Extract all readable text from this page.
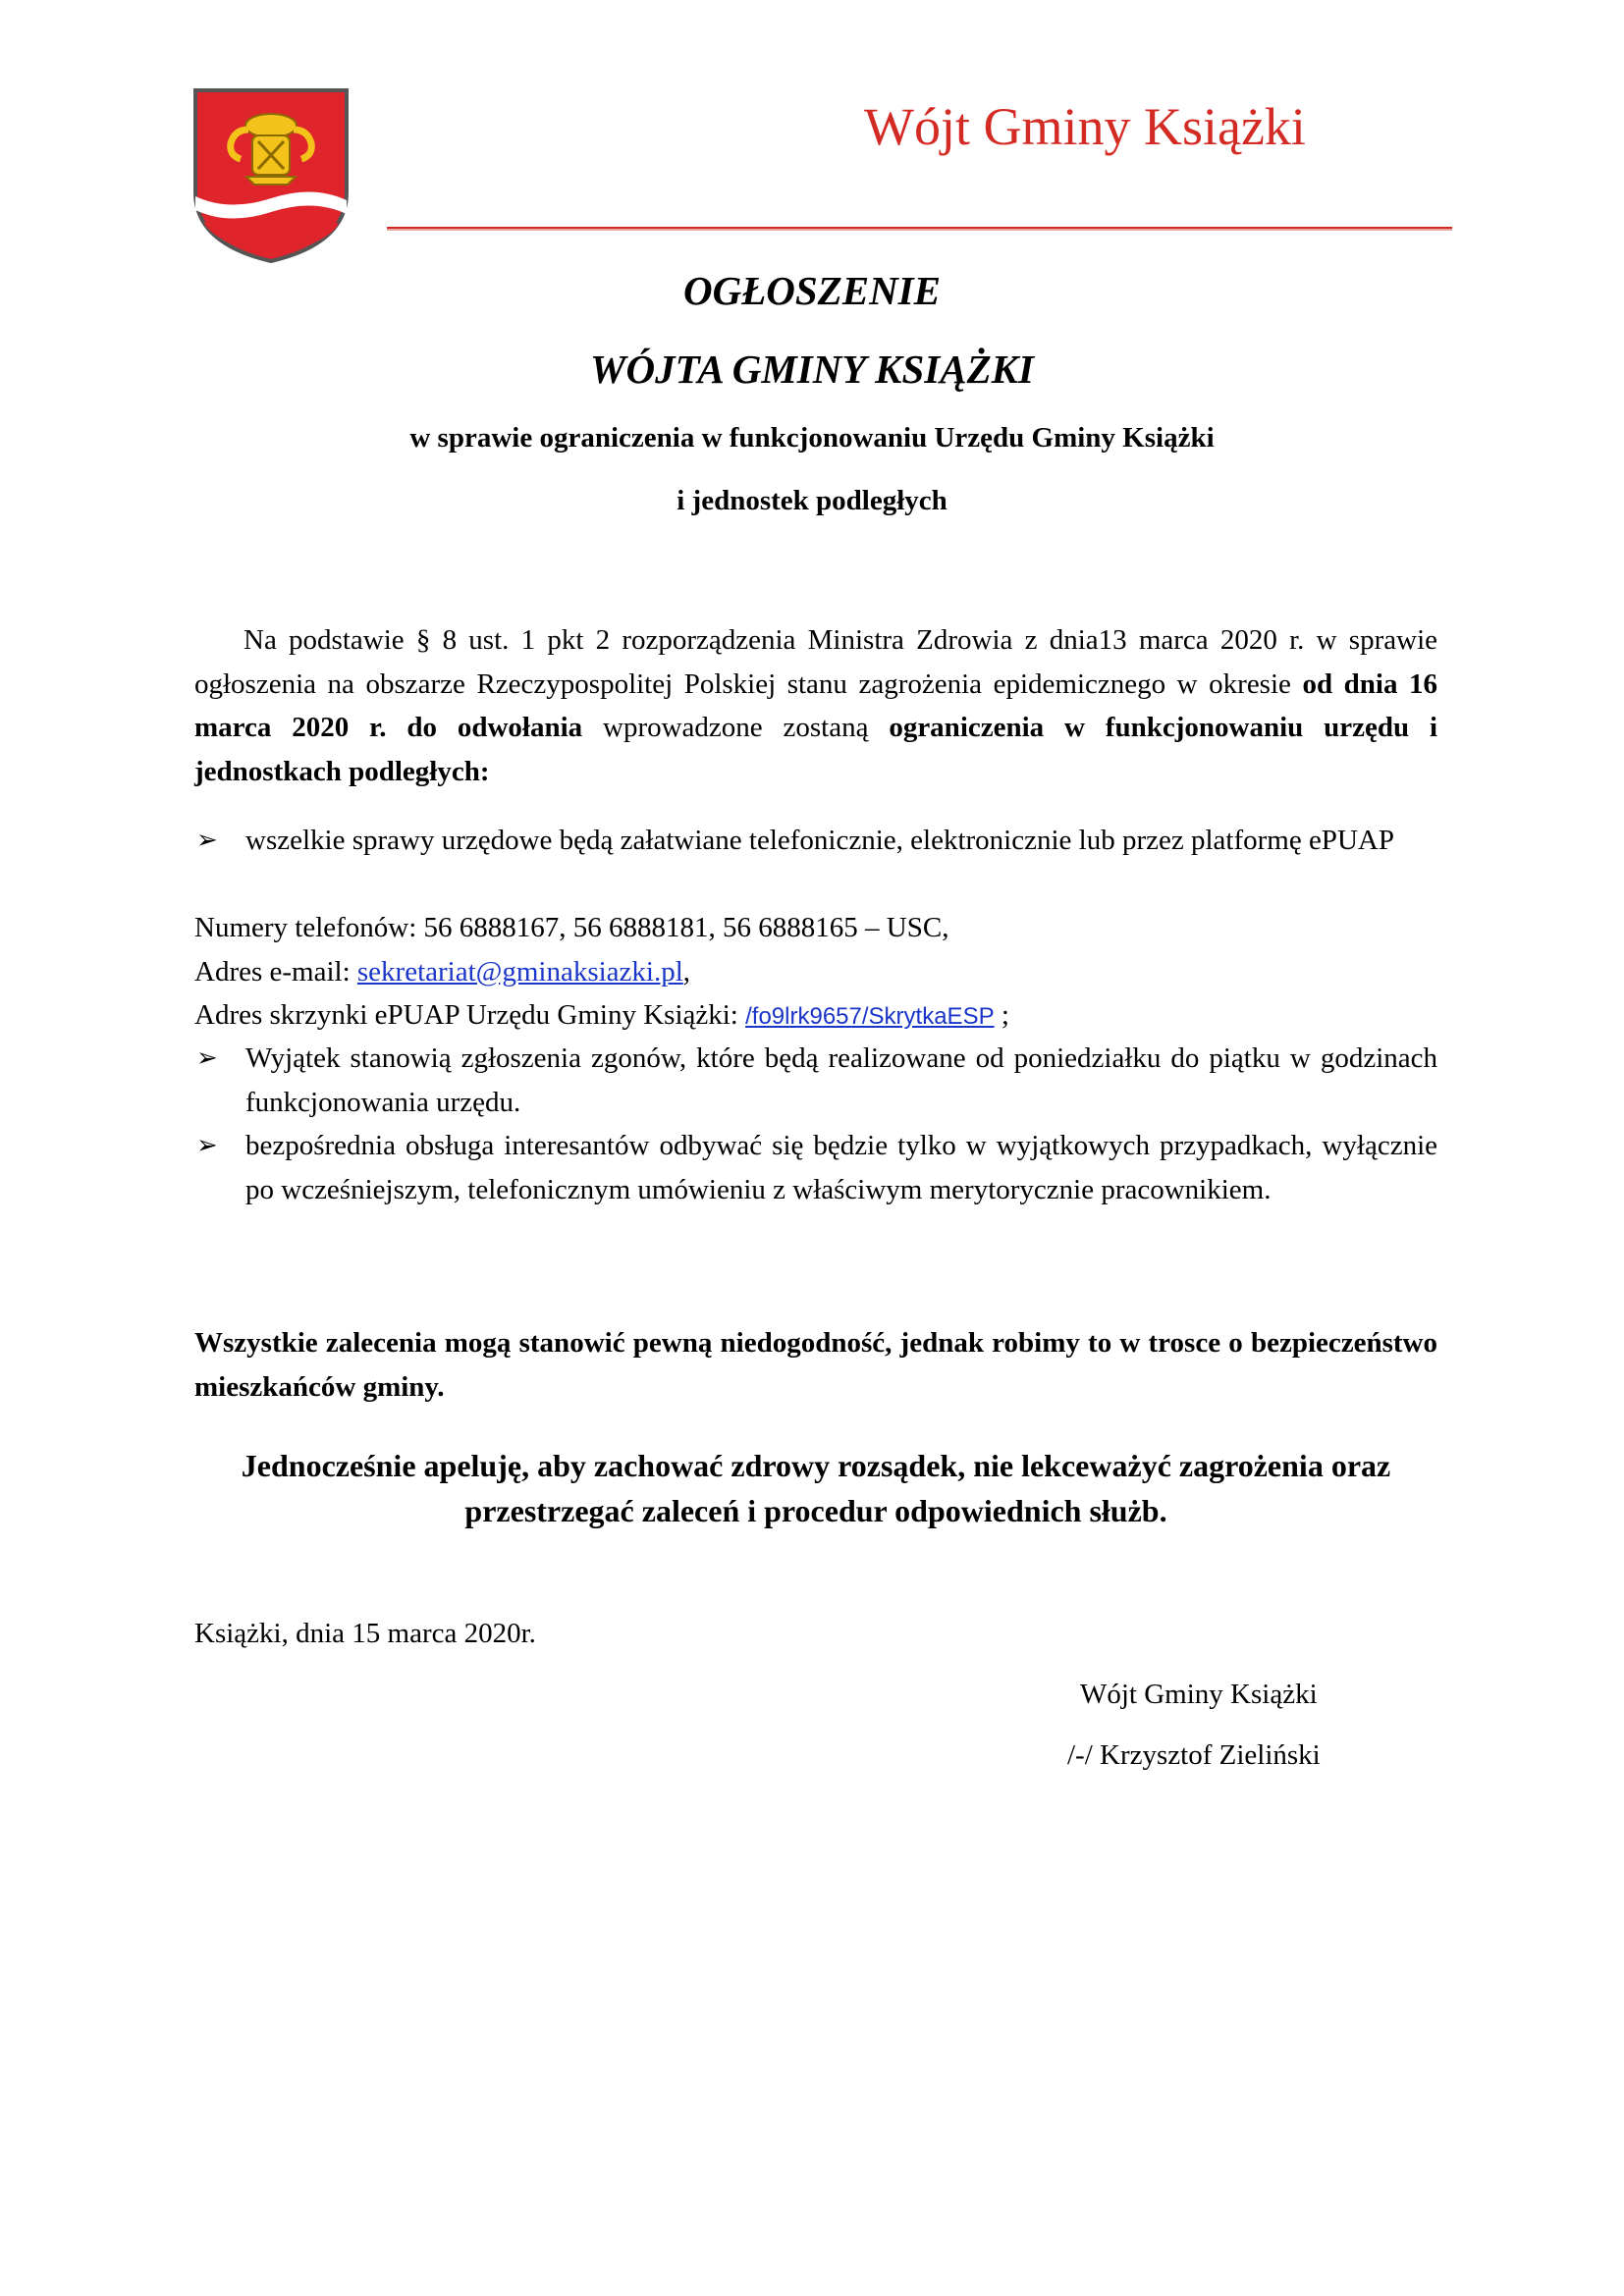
Wójt Gminy Książki
OGŁOSZENIE
WÓJTA GMINY KSIĄŻKI
w sprawie ograniczenia w funkcjonowaniu Urzędu Gminy Książki
i jednostek podległych

Na podstawie § 8 ust. 1 pkt 2 rozporządzenia Ministra Zdrowia z dnia13 marca 2020 r. w sprawie ogłoszenia na obszarze Rzeczypospolitej Polskiej stanu zagrożenia epidemicznego w okresie od dnia 16 marca 2020 r. do odwołania wprowadzone zostaną ograniczenia w funkcjonowaniu urzędu i jednostkach podległych:

➢ wszelkie sprawy urzędowe będą załatwiane telefonicznie, elektronicznie lub przez platformę ePUAP
Numery telefonów: 56 6888167, 56 6888181, 56 6888165 – USC,
Adres e-mail: sekretariat@gminaksiazki.pl,
Adres skrzynki ePUAP Urzędu Gminy Książki: /fo9lrk9657/SkrytkaESP ;
➢ Wyjątek stanowią zgłoszenia zgonów, które będą realizowane od poniedziałku do piątku w godzinach funkcjonowania urzędu.
➢ bezpośrednia obsługa interesantów odbywać się będzie tylko w wyjątkowych przypadkach, wyłącznie po wcześniejszym, telefonicznym umówieniu z właściwym merytorycznie pracownikiem.
Wszystkie zalecenia mogą stanowić pewną niedogodność, jednak robimy to w trosce o bezpieczeństwo mieszkańców gminy.
Jednocześnie apeluję, aby zachować zdrowy rozsądek, nie lekceważyć zagrożenia oraz przestrzegać zaleceń i procedur odpowiednich służb.
Książki, dnia 15 marca 2020r.
Wójt Gminy Książki
/-/ Krzysztof Zieliński
